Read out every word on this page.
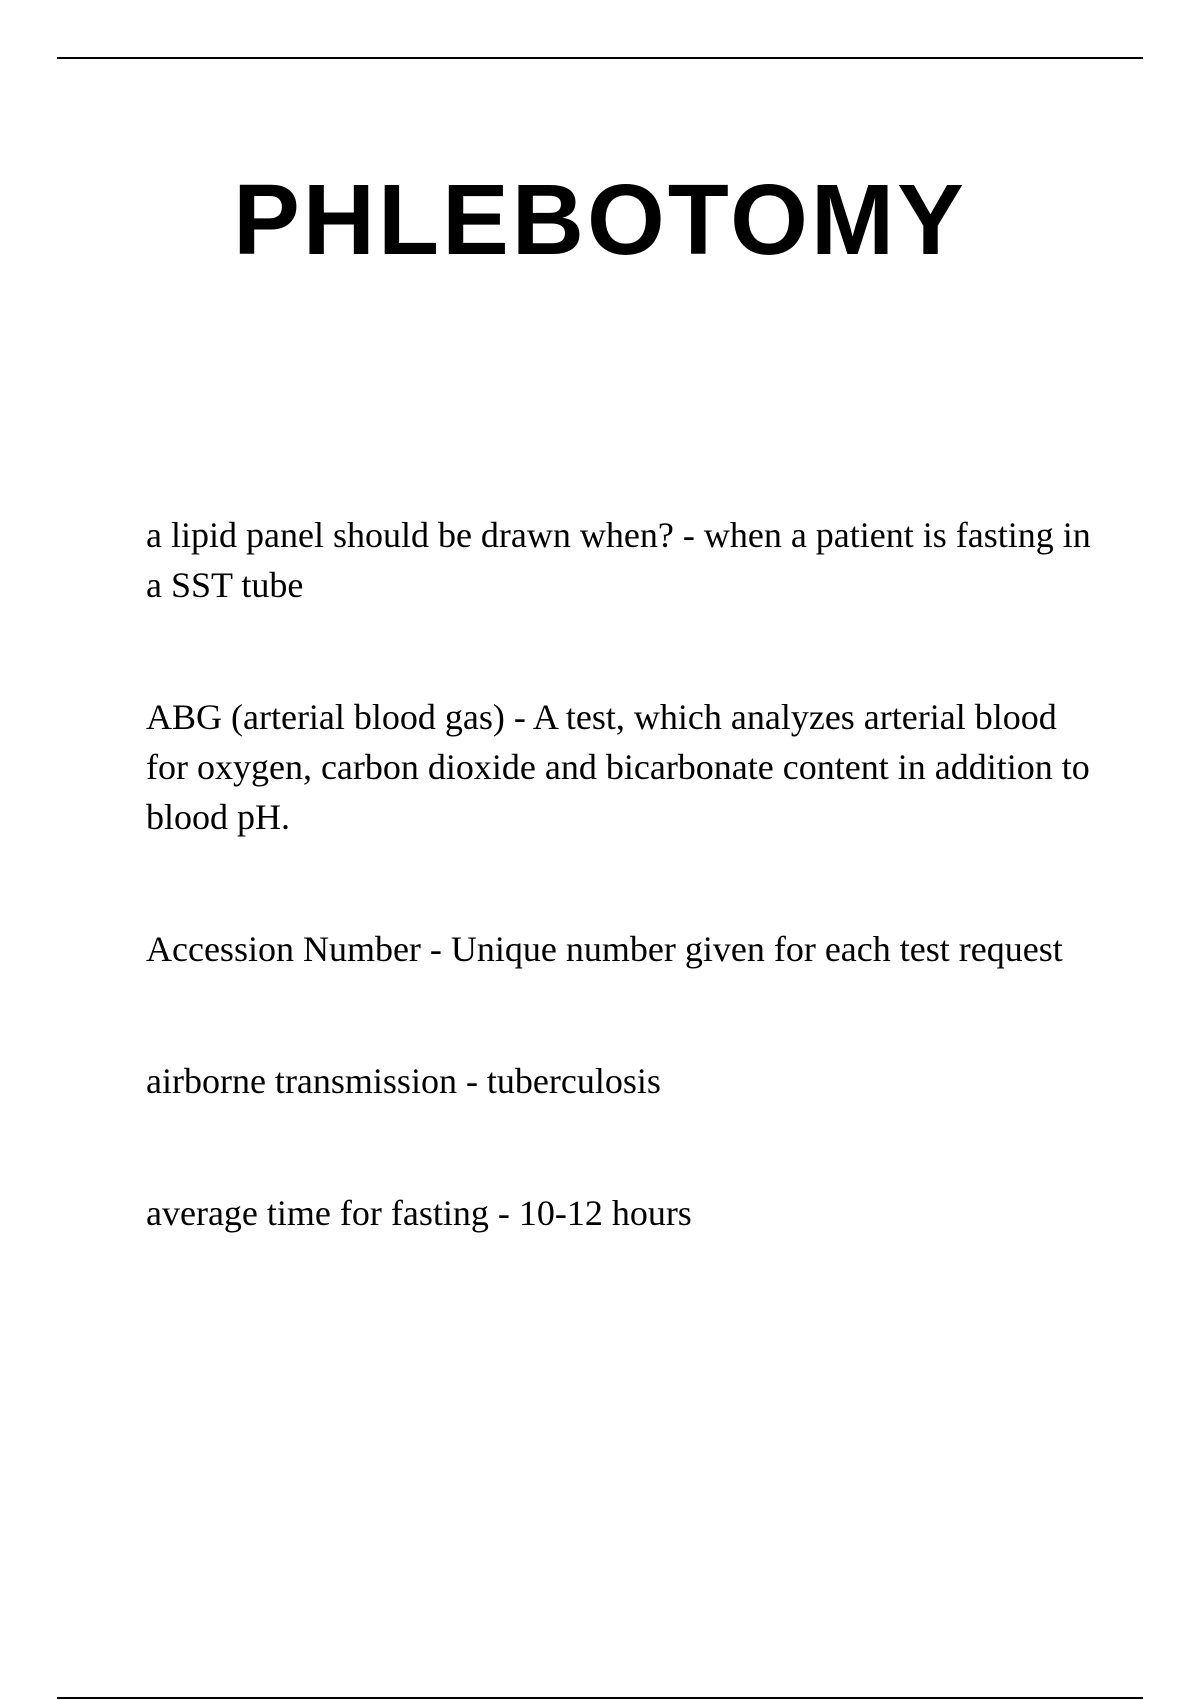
PHLEBOTOMY
a lipid panel should be drawn when? - when a patient is fasting in a SST tube
ABG (arterial blood gas) - A test, which analyzes arterial blood for oxygen, carbon dioxide and bicarbonate content in addition to blood pH.
Accession Number - Unique number given for each test request
airborne transmission - tuberculosis
average time for fasting - 10-12 hours
